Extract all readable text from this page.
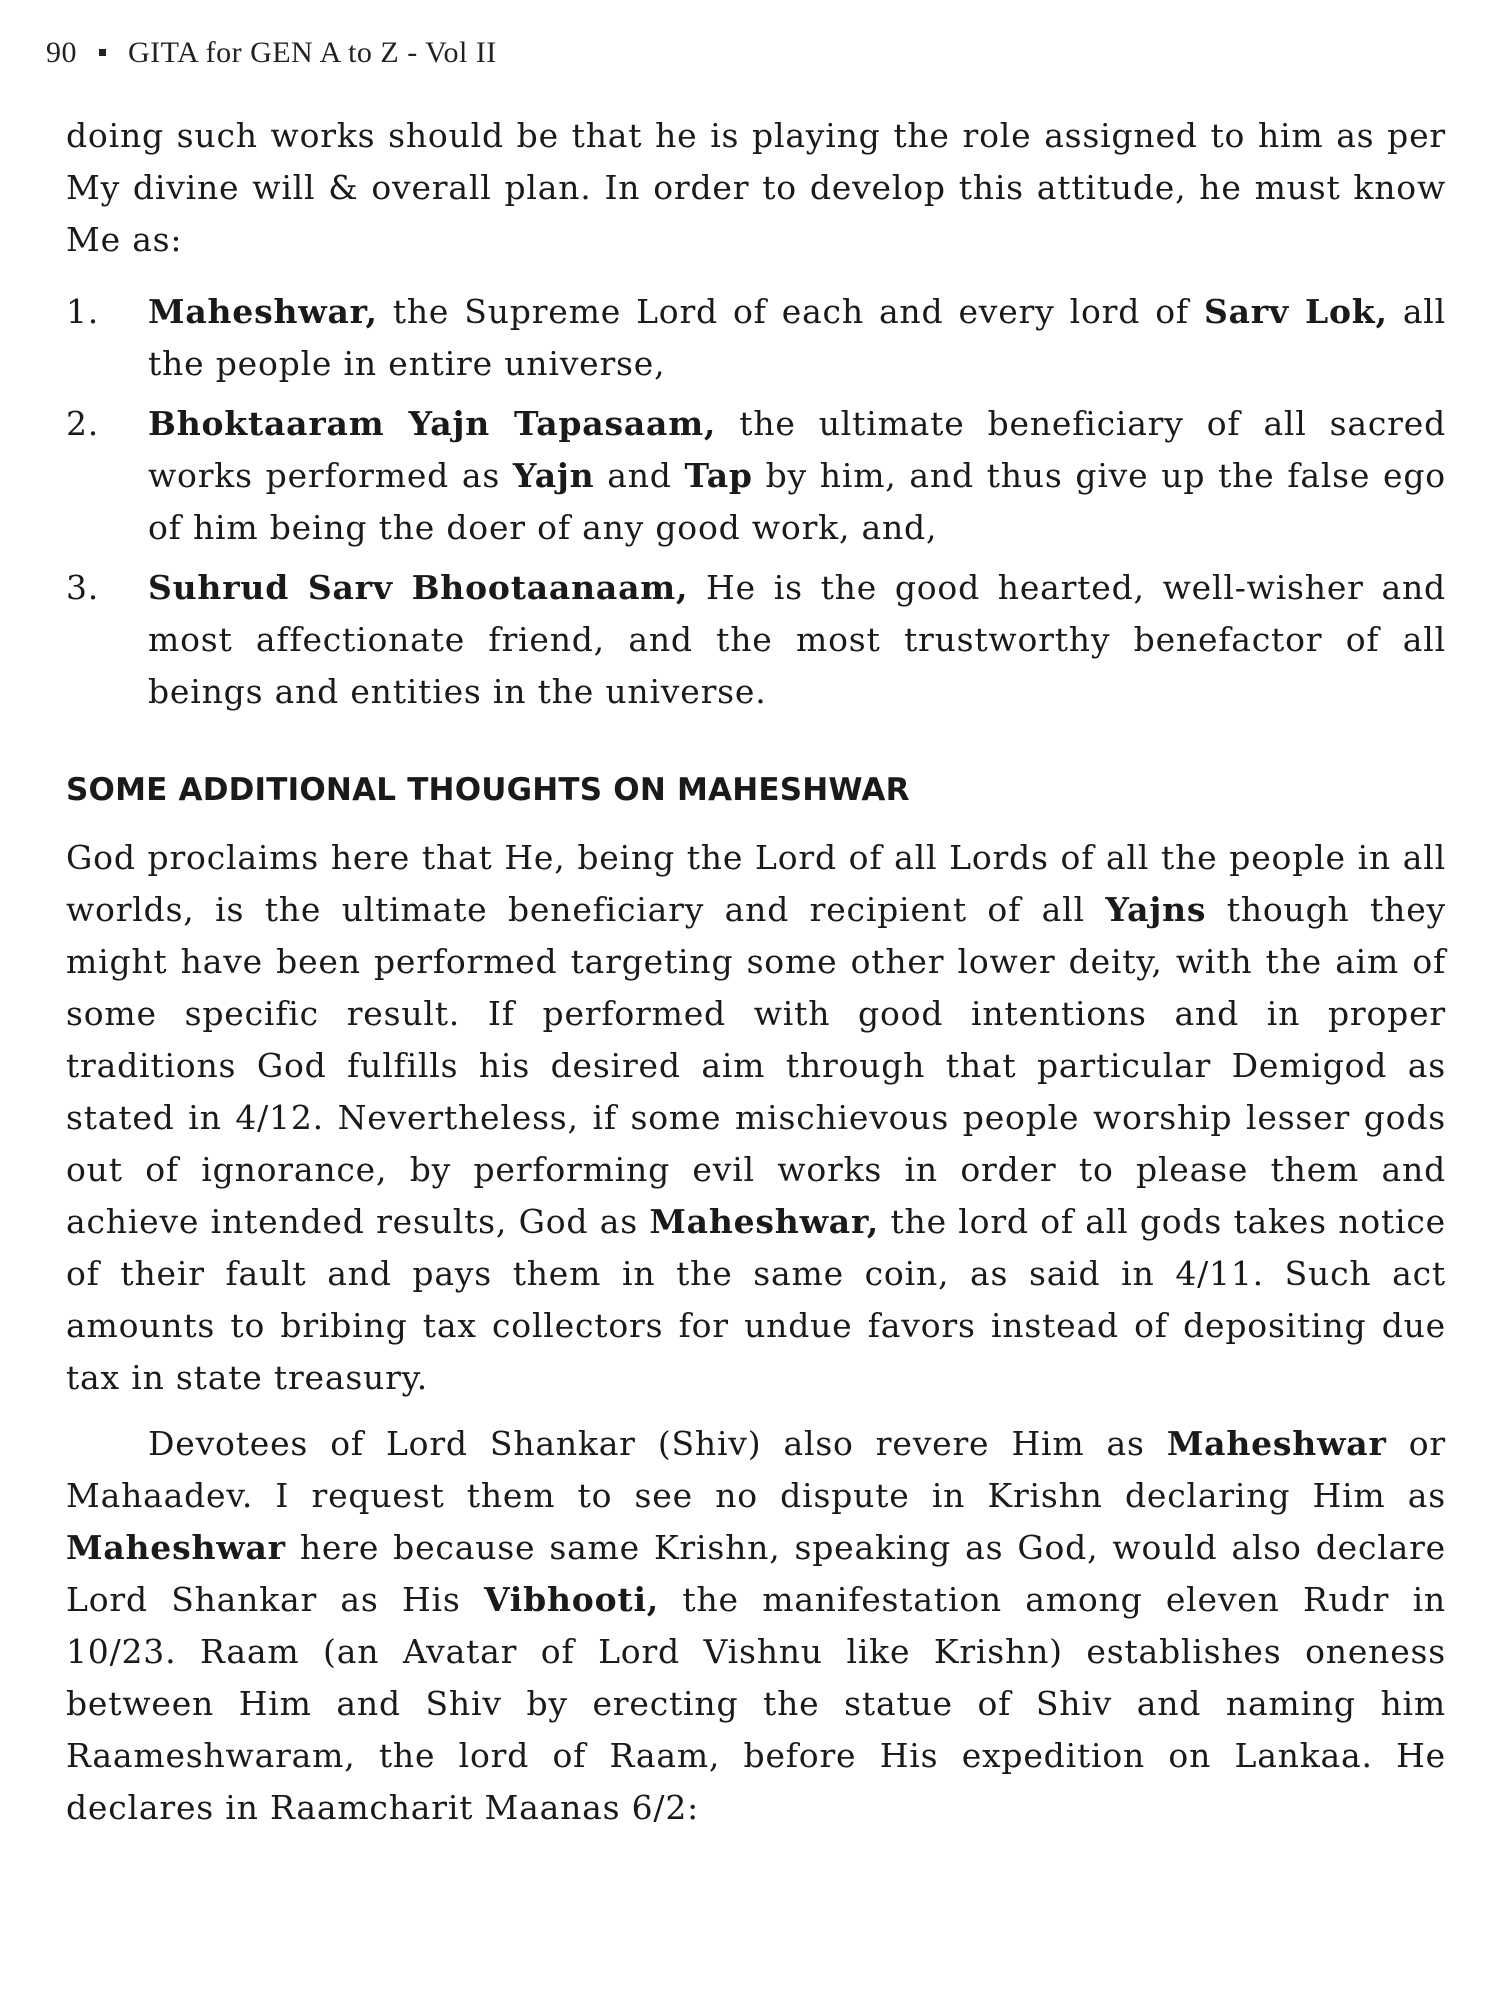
90 GITA for GEN A to Z - Vol II

doing such works should be that he is playing the role assigned to him as per My divine will & overall plan. In order to develop this attitude, he must know Me as:

1.	Maheshwar, the Supreme Lord of each and every lord of Sarv Lok, all the people in entire universe,
2.	Bhoktaaram Yajn Tapasaam, the ultimate beneficiary of all sacred works performed as Yajn and Tap by him, and thus give up the false ego of him being the doer of any good work, and,
3.	Suhrud Sarv Bhootaanaam, He is the good hearted, well-wisher and most affectionate friend, and the most trustworthy benefactor of all beings and entities in the universe.
SOME ADDITIONAL THOUGHTS ON MAHESHWAR

God proclaims here that He, being the Lord of all Lords of all the people in all worlds, is the ultimate beneficiary and recipient of all Yajns though they might have been performed targeting some other lower deity, with the aim of some specific result. If performed with good intentions and in proper traditions God fulfills his desired aim through that particular Demigod as stated in 4/12. Nevertheless, if some mischievous people worship lesser gods out of ignorance, by performing evil works in order to please them and achieve intended results, God as Maheshwar, the lord of all gods takes notice of their fault and pays them in the same coin, as said in 4/11. Such act amounts to bribing tax collectors for undue favors instead of depositing due tax in state treasury.

Devotees of Lord Shankar (Shiv) also revere Him as Maheshwar or Mahaadev. I request them to see no dispute in Krishn declaring Him as Maheshwar here because same Krishn, speaking as God, would also declare Lord Shankar as His Vibhooti, the manifestation among eleven Rudr in 10/23. Raam (an Avatar of Lord Vishnu like Krishn) establishes oneness between Him and Shiv by erecting the statue of Shiv and naming him Raameshwaram, the lord of Raam, before His expedition on Lankaa. He declares in Raamcharit Maanas 6/2:
